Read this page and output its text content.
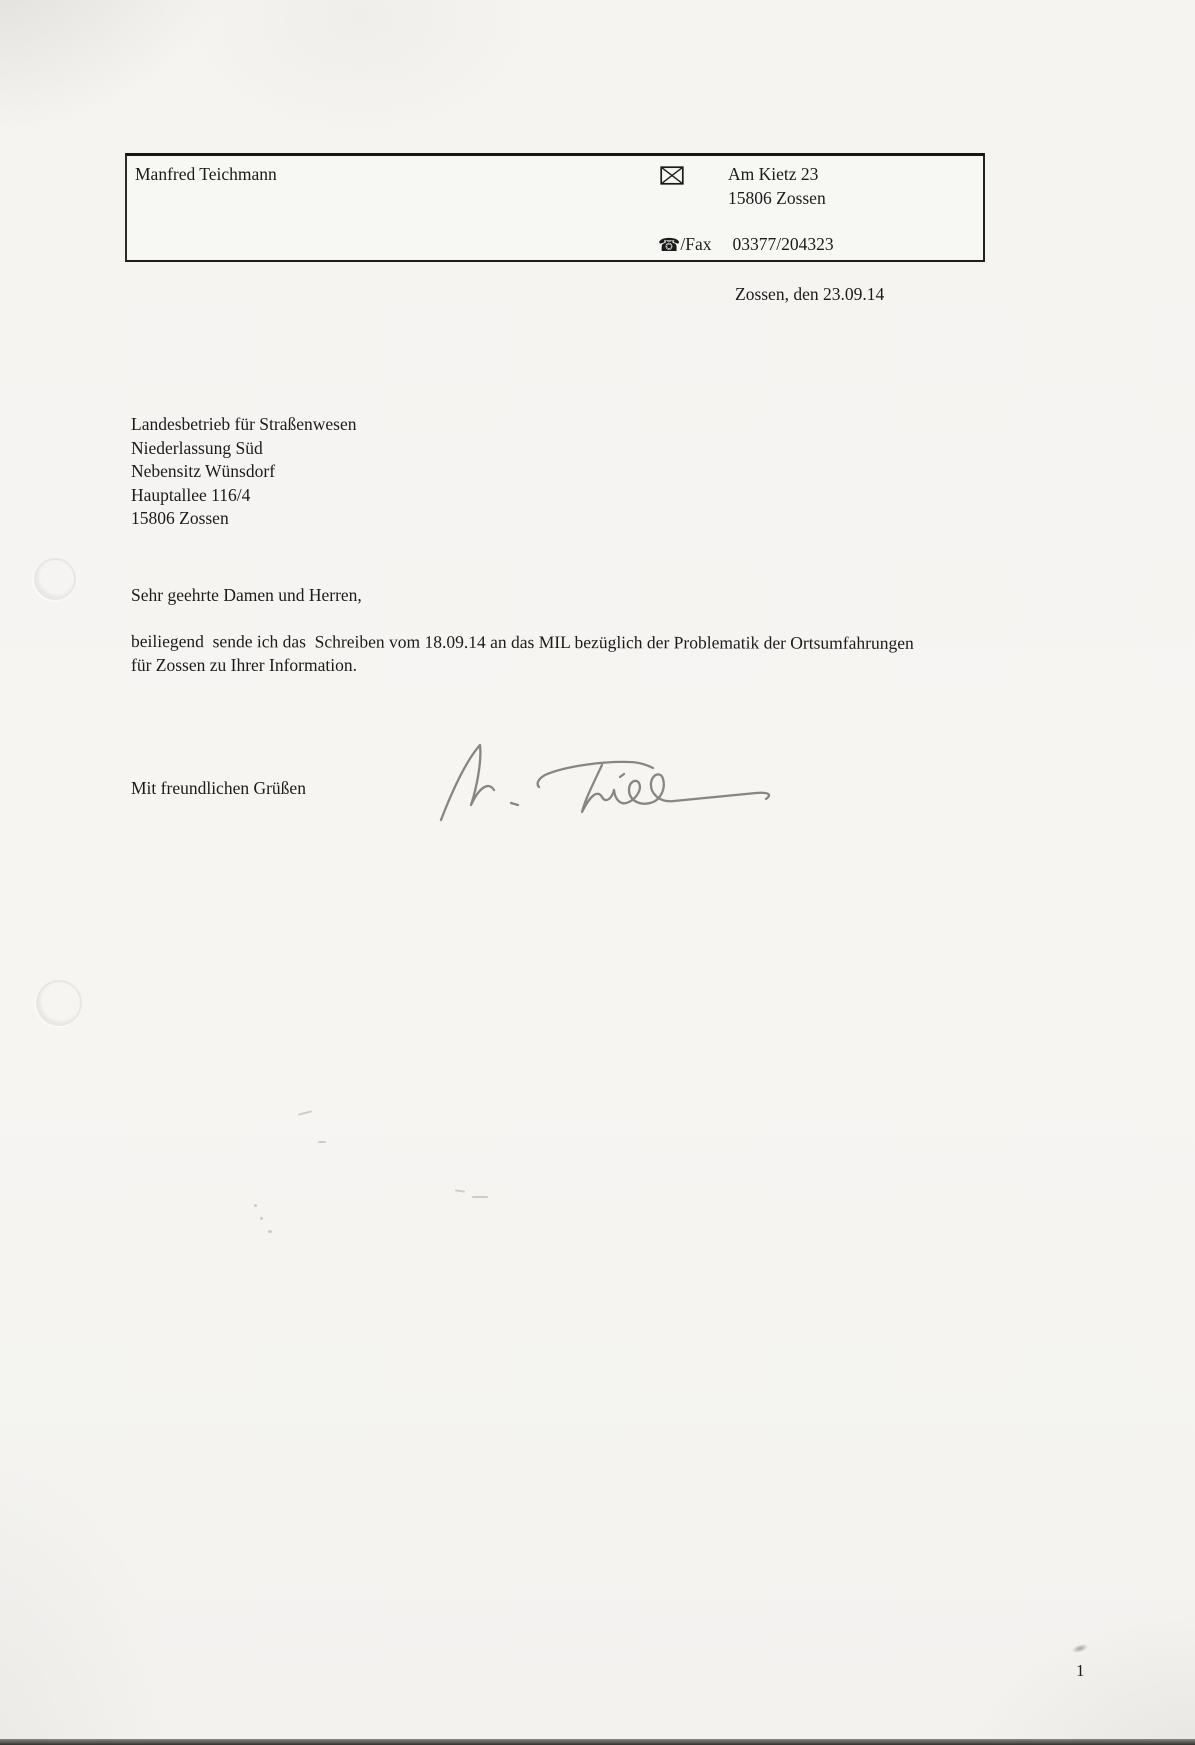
Manfred Teichmann	Am Kietz 23
15806 Zossen
☎/Fax 03377/204323
Zossen, den 23.09.14
Landesbetrieb für Straßenwesen
Niederlassung Süd
Nebensitz Wünsdorf
Hauptallee 116/4
15806 Zossen
Sehr geehrte Damen und Herren,
beiliegend  sende ich das  Schreiben vom 18.09.14 an das MIL bezüglich der Problematik der Ortsumfahrungen
für Zossen zu Ihrer Information.
Mit freundlichen Grüßen
1
